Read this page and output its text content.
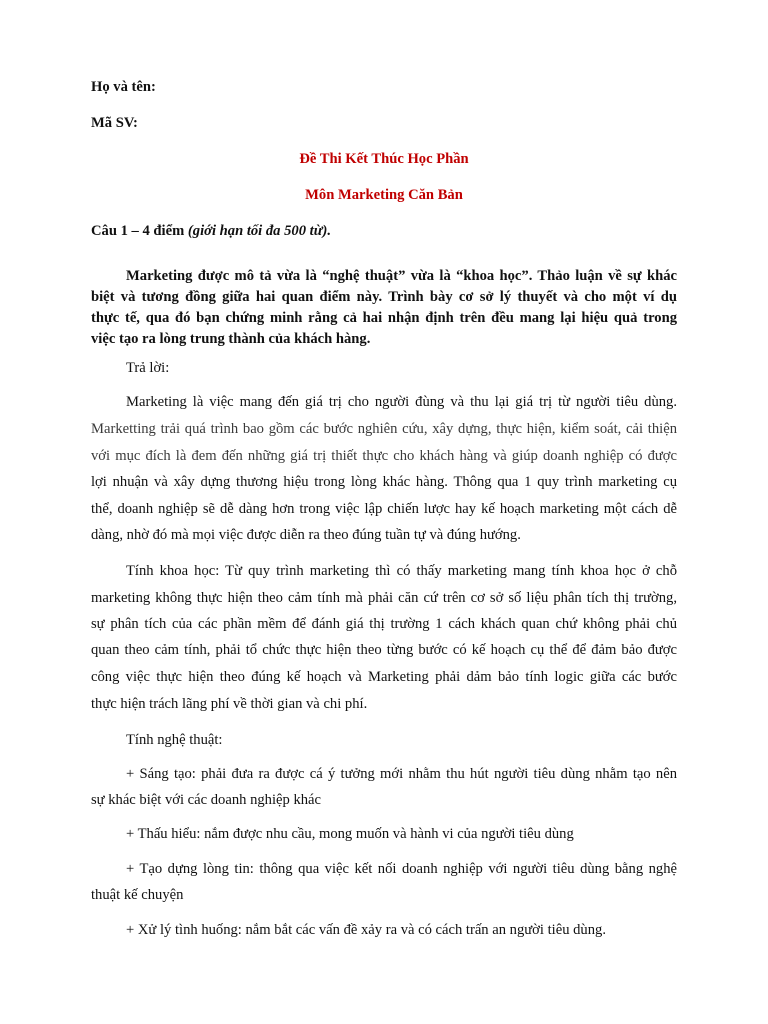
Họ và tên:

Mã SV:

Đề Thi Kết Thúc Học Phần

Môn Marketing Căn Bản

Câu 1 – 4 điểm (giới hạn tối đa 500 từ).

Marketing được mô tả vừa là “nghệ thuật” vừa là “khoa học”. Thảo luận về sự khác

biệt và tương đồng giữa hai quan điểm này. Trình bày cơ sở lý thuyết và cho một ví dụ

thực tế, qua đó bạn chứng minh rằng cả hai nhận định trên đều mang lại hiệu quả trong

việc tạo ra lòng trung thành của khách hàng.

Trả lời:

Marketing là việc mang đến giá trị cho người đùng và thu lại giá trị từ người tiêu dùng.

Marketting trải quá trình bao gồm các bước nghiên cứu, xây dựng, thực hiện, kiểm soát, cải thiện

với mục đích là đem đến những giá trị thiết thực cho khách hàng và giúp doanh nghiệp có được

lợi nhuận và xây dựng thương hiệu trong lòng khác hàng. Thông qua 1 quy trình marketing cụ

thể, doanh nghiệp sẽ dễ dàng hơn trong việc lập chiến lược hay kế hoạch marketing một cách dễ

dàng, nhờ đó mà mọi việc được diễn ra theo đúng tuần tự và đúng hướng.

Tính khoa học: Từ quy trình marketing thì có thấy marketing mang tính khoa học ở chỗ

marketing không thực hiện theo cảm tính mà phải căn cứ trên cơ sở số liệu phân tích thị trường,

sự phân tích của các phần mềm để đánh giá thị trường 1 cách khách quan chứ không phải chủ

quan theo cảm tính, phải tổ chức thực hiện theo từng bước có kế hoạch cụ thể để đảm bảo được

công việc thực hiện theo đúng kế hoạch và Marketing phải dảm bảo tính logic giữa các bước

thực hiện trách lãng phí về thời gian và chi phí.

Tính nghệ thuật:

+ Sáng tạo: phải đưa ra được cá ý tưởng mới nhằm thu hút người tiêu dùng nhằm tạo nên

sự khác biệt với các doanh nghiệp khác

+ Thấu hiểu: nắm được nhu cầu, mong muốn và hành vi của người tiêu dùng

+ Tạo dựng lòng tin: thông qua việc kết nối doanh nghiệp với người tiêu dùng bằng nghệ

thuật kế chuyện

+ Xử lý tình huống: nắm bắt các vấn đề xảy ra và có cách trấn an người tiêu dùng.
